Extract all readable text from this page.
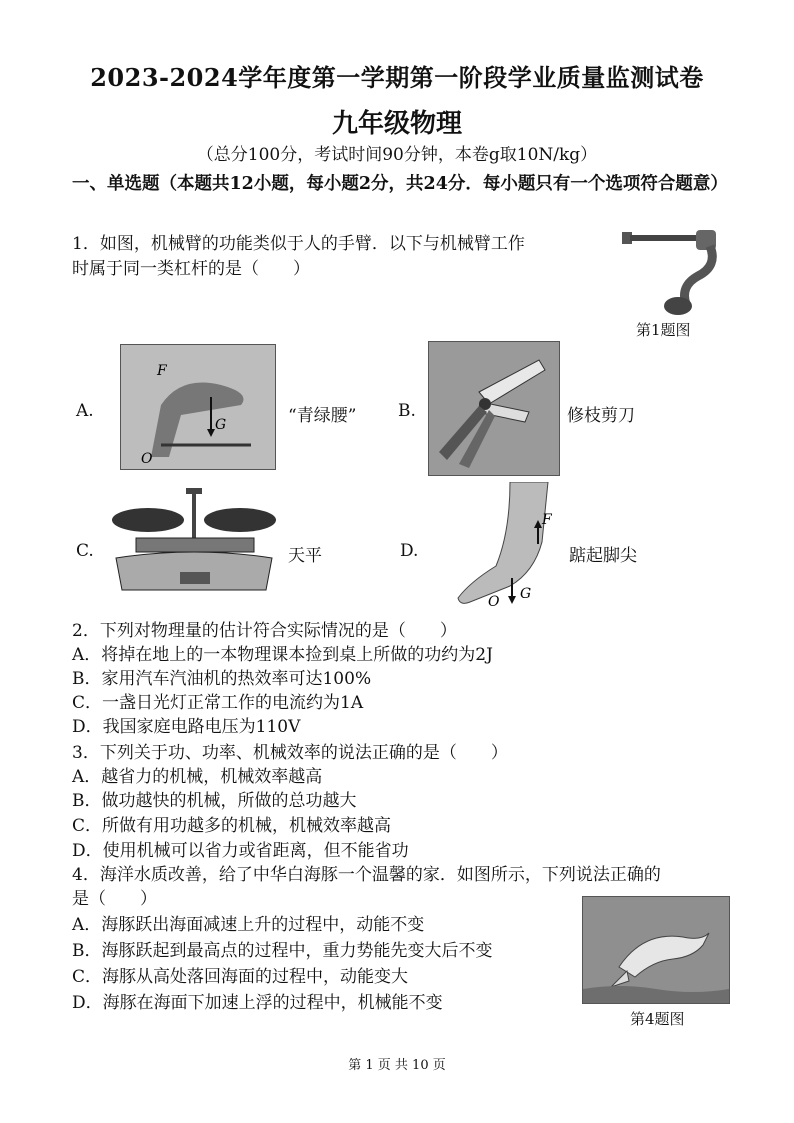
2023-2024学年度第一学期第一阶段学业质量监测试卷
九年级物理
（总分100分，考试时间90分钟，本卷g取10N/kg）
一、单选题（本题共12小题，每小题2分，共24分．每小题只有一个选项符合题意）
1．如图，机械臂的功能类似于人的手臂．以下与机械臂工作
时属于同一类杠杆的是（　　）
第1题图
A.
G
F
O
“青绿腰” B.	修枝剪刀
C.	天平	D.
F
G
O
踮起脚尖
2．下列对物理量的估计符合实际情况的是（　　）
A．将掉在地上的一本物理课本捡到桌上所做的功约为2J
B．家用汽车汽油机的热效率可达100%
C．一盏日光灯正常工作的电流约为1A
D．我国家庭电路电压为110V
3．下列关于功、功率、机械效率的说法正确的是（　　）
A．越省力的机械，机械效率越高
B．做功越快的机械，所做的总功越大
C．所做有用功越多的机械，机械效率越高
D．使用机械可以省力或省距离，但不能省功
4．海洋水质改善，给了中华白海豚一个温馨的家．如图所示，下列说法正确的
是（　　）
A．海豚跃出海面减速上升的过程中，动能不变
B．海豚跃起到最高点的过程中，重力势能先变大后不变
C．海豚从高处落回海面的过程中，动能变大
D．海豚在海面下加速上浮的过程中，机械能不变
第4题图
第 1 页 共 10 页
